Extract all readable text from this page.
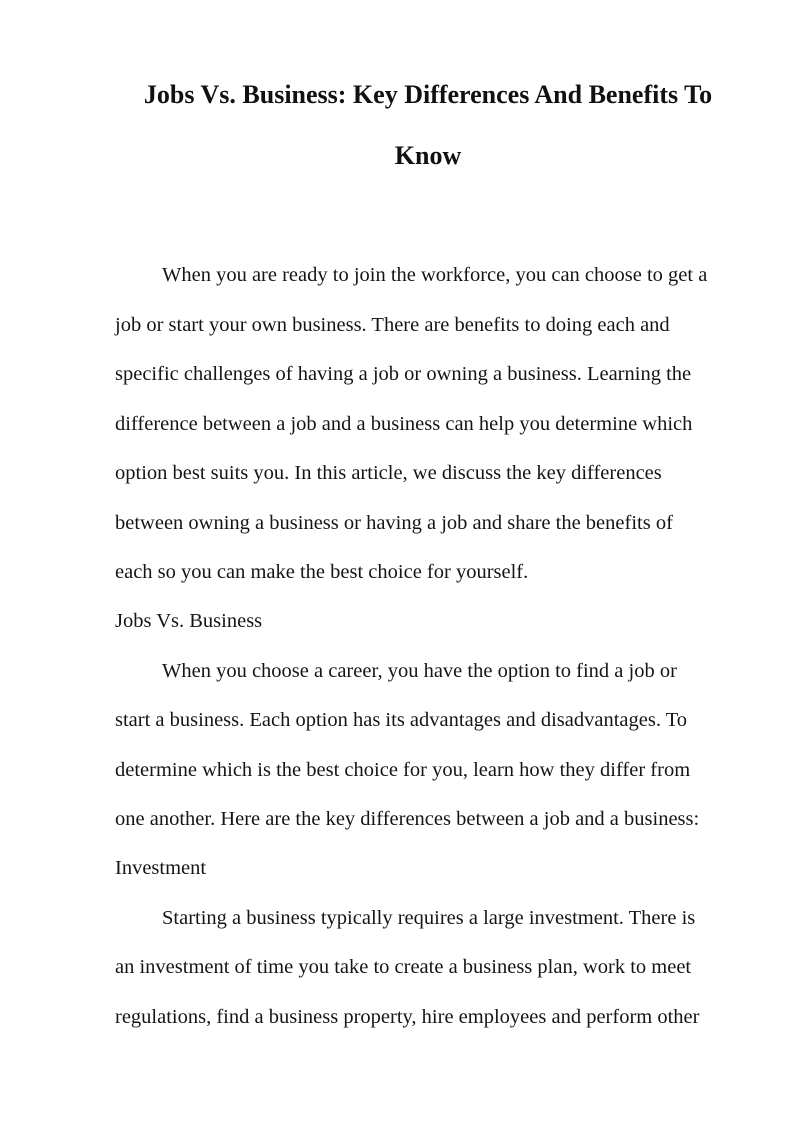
Jobs Vs. Business: Key Differences And Benefits To
Know
When you are ready to join the workforce, you can choose to get a
job or start your own business. There are benefits to doing each and
specific challenges of having a job or owning a business. Learning the
difference between a job and a business can help you determine which
option best suits you. In this article, we discuss the key differences
between owning a business or having a job and share the benefits of
each so you can make the best choice for yourself.
Jobs Vs. Business
When you choose a career, you have the option to find a job or
start a business. Each option has its advantages and disadvantages. To
determine which is the best choice for you, learn how they differ from
one another. Here are the key differences between a job and a business:
Investment
Starting a business typically requires a large investment. There is
an investment of time you take to create a business plan, work to meet
regulations, find a business property, hire employees and perform other
